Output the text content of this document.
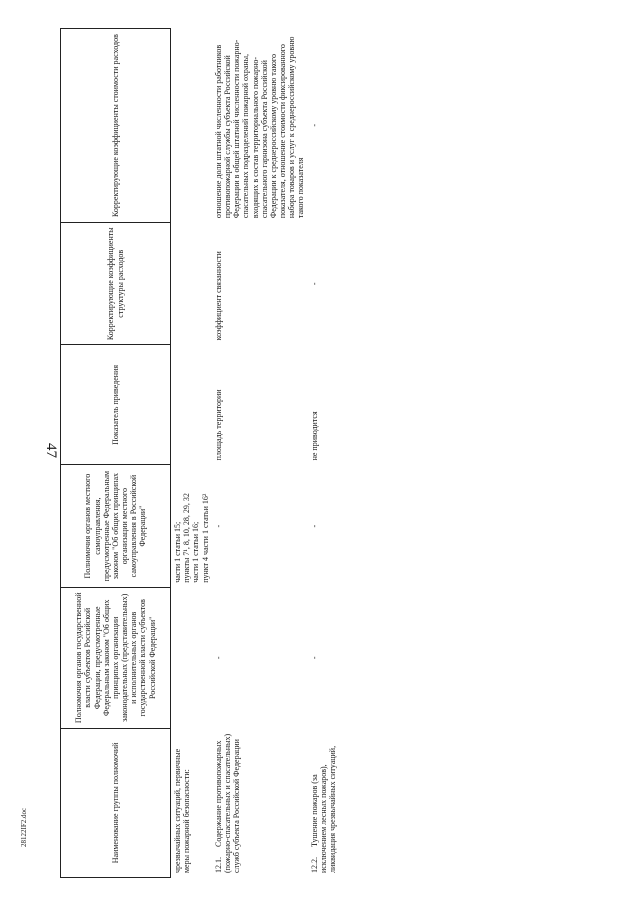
47
Наименование группы полномочий	Полномочия органов государственной власти субъектов Российской Федерации, предусмотренные Федеральным законом "Об общих принципах организации законодательных (представительных) и исполнительных органов государственной власти субъектов Российской Федерации"	Полномочия органов местного самоуправления, предусмотренные Федеральным законом "Об общих принципах организации местного самоуправления в Российской Федерации"	Показатель приведения	Корректирующие коэффициенты структуры расходов	Корректирующие коэффициенты стоимости расходов
чрезвычайных ситуаций, первичные меры пожарной безопасности:		части 1 статьи 15; пункты 7¹, 8, 10, 28, 29, 32 части 1 статьи 16; пункт 4 части 1 статьи 16²			

12.1. Содержание противопожарных (пожарно-спасательных и спасательных) служб субъекта Российской Федерации	-	-	площадь территории	коэффициент связанности	отношение доли штатной численности работников противопожарной службы субъекта Российской Федерации в общей штатной численности пожарно-спасательных подразделений пожарной охраны, входящих в состав территориального пожарно-спасательного гарнизона субъекта Российской Федерации к среднероссийскому уровню такого показателя, отношение стоимости фиксированного набора товаров и услуг к среднероссийскому уровню такого показателя
12.2. Тушение пожаров (за исключением лесных пожаров), ликвидация чрезвычайных ситуаций,	-	-	не приводится	-	-
28122IF2.doc
